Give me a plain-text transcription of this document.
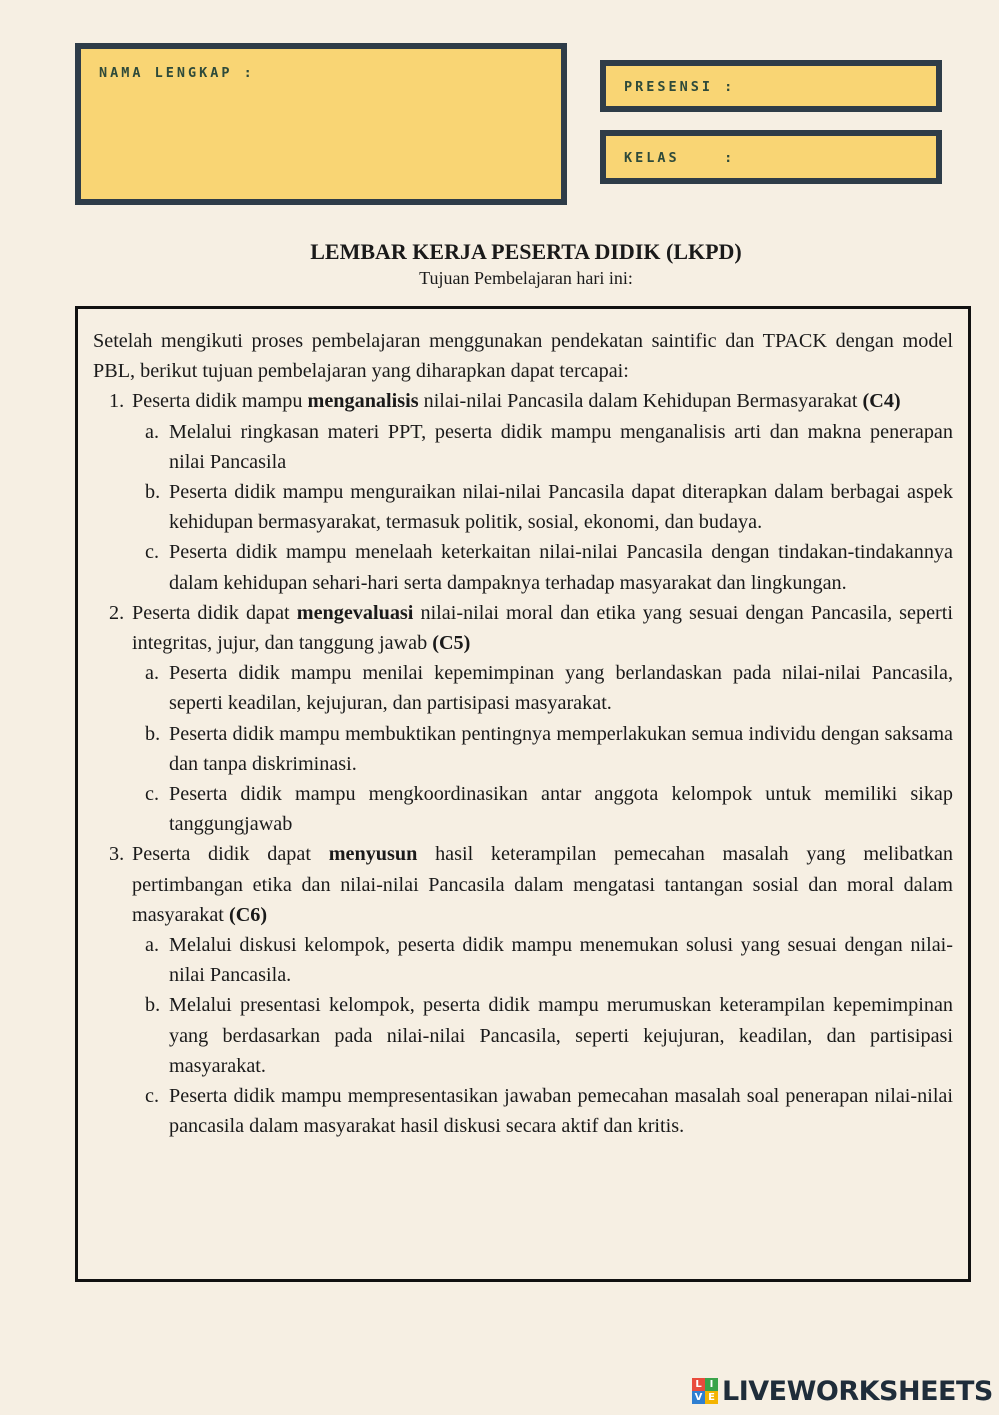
NAMA LENGKAP :
PRESENSI :
KELAS    :
LEMBAR KERJA PESERTA DIDIK (LKPD)
Tujuan Pembelajaran hari ini:

Setelah mengikuti proses pembelajaran menggunakan pendekatan saintific dan TPACK dengan model PBL, berikut tujuan pembelajaran yang diharapkan dapat tercapai:

1. Peserta didik mampu menganalisis nilai-nilai Pancasila dalam Kehidupan Bermasyarakat (C4)
a. Melalui ringkasan materi PPT, peserta didik mampu menganalisis arti dan makna penerapan nilai Pancasila
b. Peserta didik mampu menguraikan nilai-nilai Pancasila dapat diterapkan dalam berbagai aspek kehidupan bermasyarakat, termasuk politik, sosial, ekonomi, dan budaya.
c. Peserta didik mampu menelaah keterkaitan nilai-nilai Pancasila dengan tindakan-tindakannya dalam kehidupan sehari-hari serta dampaknya terhadap masyarakat dan lingkungan.
2. Peserta didik dapat mengevaluasi nilai-nilai moral dan etika yang sesuai dengan Pancasila, seperti integritas, jujur, dan tanggung jawab (C5)
a. Peserta didik mampu menilai kepemimpinan yang berlandaskan pada nilai-nilai Pancasila, seperti keadilan, kejujuran, dan partisipasi masyarakat.
b. Peserta didik mampu membuktikan pentingnya memperlakukan semua individu dengan saksama dan tanpa diskriminasi.
c. Peserta didik mampu mengkoordinasikan antar anggota kelompok untuk memiliki sikap tanggungjawab
3. Peserta didik dapat menyusun hasil keterampilan pemecahan masalah yang melibatkan pertimbangan etika dan nilai-nilai Pancasila dalam mengatasi tantangan sosial dan moral dalam masyarakat (C6)
a. Melalui diskusi kelompok, peserta didik mampu menemukan solusi yang sesuai dengan nilai-nilai Pancasila.
b. Melalui presentasi kelompok, peserta didik mampu merumuskan keterampilan kepemimpinan yang berdasarkan pada nilai-nilai Pancasila, seperti kejujuran, keadilan, dan partisipasi masyarakat.
c. Peserta didik mampu mempresentasikan jawaban pemecahan masalah soal penerapan nilai-nilai pancasila dalam masyarakat hasil diskusi secara aktif dan kritis.
L I
V E LIVEWORKSHEETS
